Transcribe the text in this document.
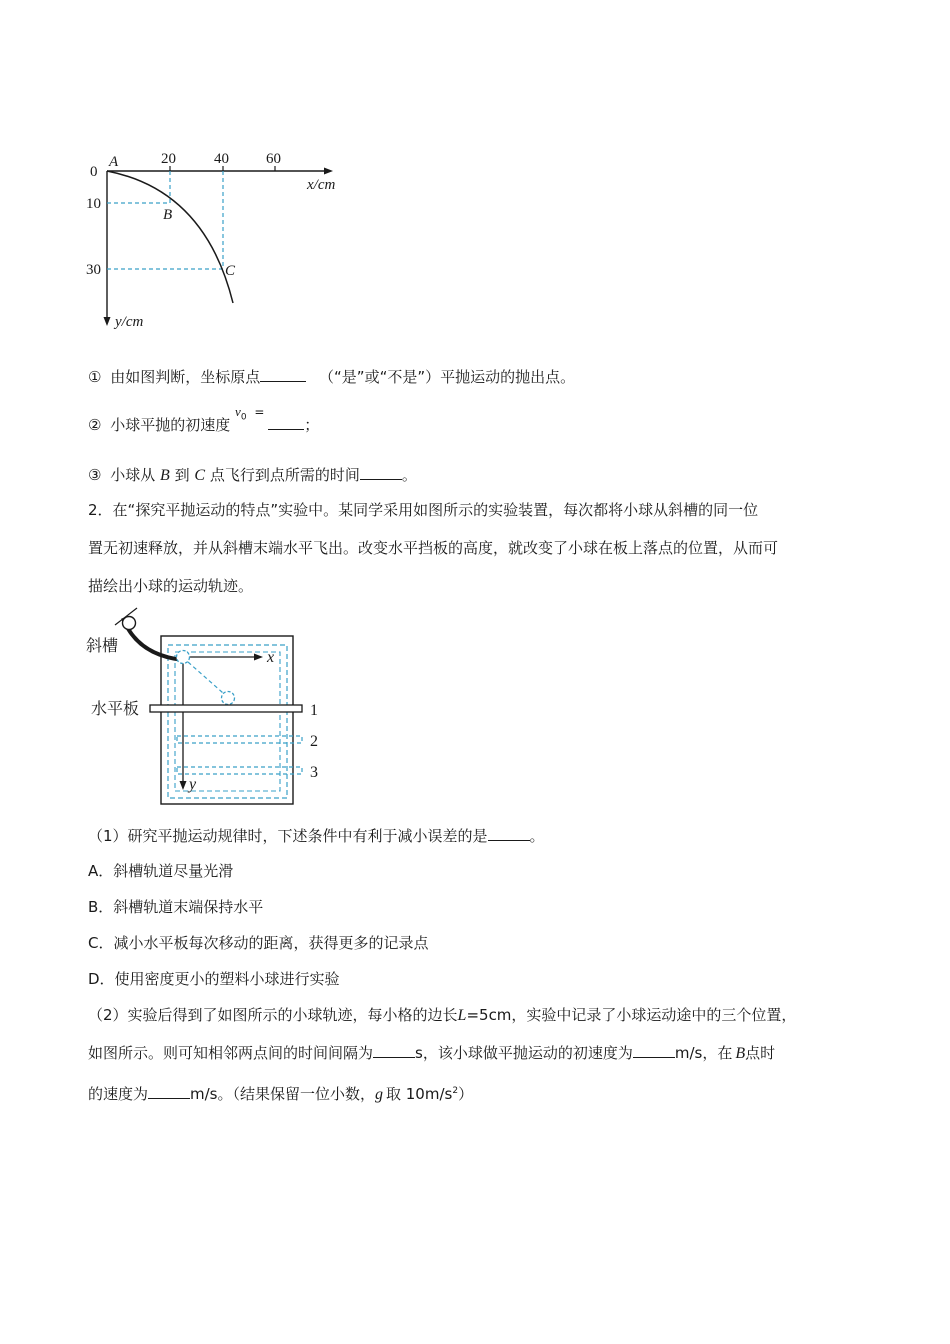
0
A	20	40 60
x/cm
10
30
B
C
y/cm
① 由如图判断，坐标原点	（“是”或“不是”）平抛运动的抛出点。
② 小球平抛的初速度 $^{v_0 =}$ ；
③ 小球从 B 到 C 点飞行到点所需的时间	。
2．在“探究平抛运动的特点”实验中。某同学采用如图所示的实验装置，每次都将小球从斜槽的同一位
置无初速释放，并从斜槽末端水平飞出。改变水平挡板的高度，就改变了小球在板上落点的位置，从而可
描绘出小球的运动轨迹。
斜槽
水平板
x
y
1
2
3
（1）研究平抛运动规律时，下述条件中有利于减小误差的是	。
A．斜槽轨道尽量光滑
B．斜槽轨道末端保持水平
C．减小水平板每次移动的距离，获得更多的记录点
D．使用密度更小的塑料小球进行实验
（2）实验后得到了如图所示的小球轨迹，每小格的边长L=5cm，实验中记录了小球运动途中的三个位置，
如图所示。则可知相邻两点间的时间间隔为	s，该小球做平抛运动的初速度为	m/s，在 B点时
的速度为	m/s。（结果保留一位小数，g 取 $10m/s^2$）
